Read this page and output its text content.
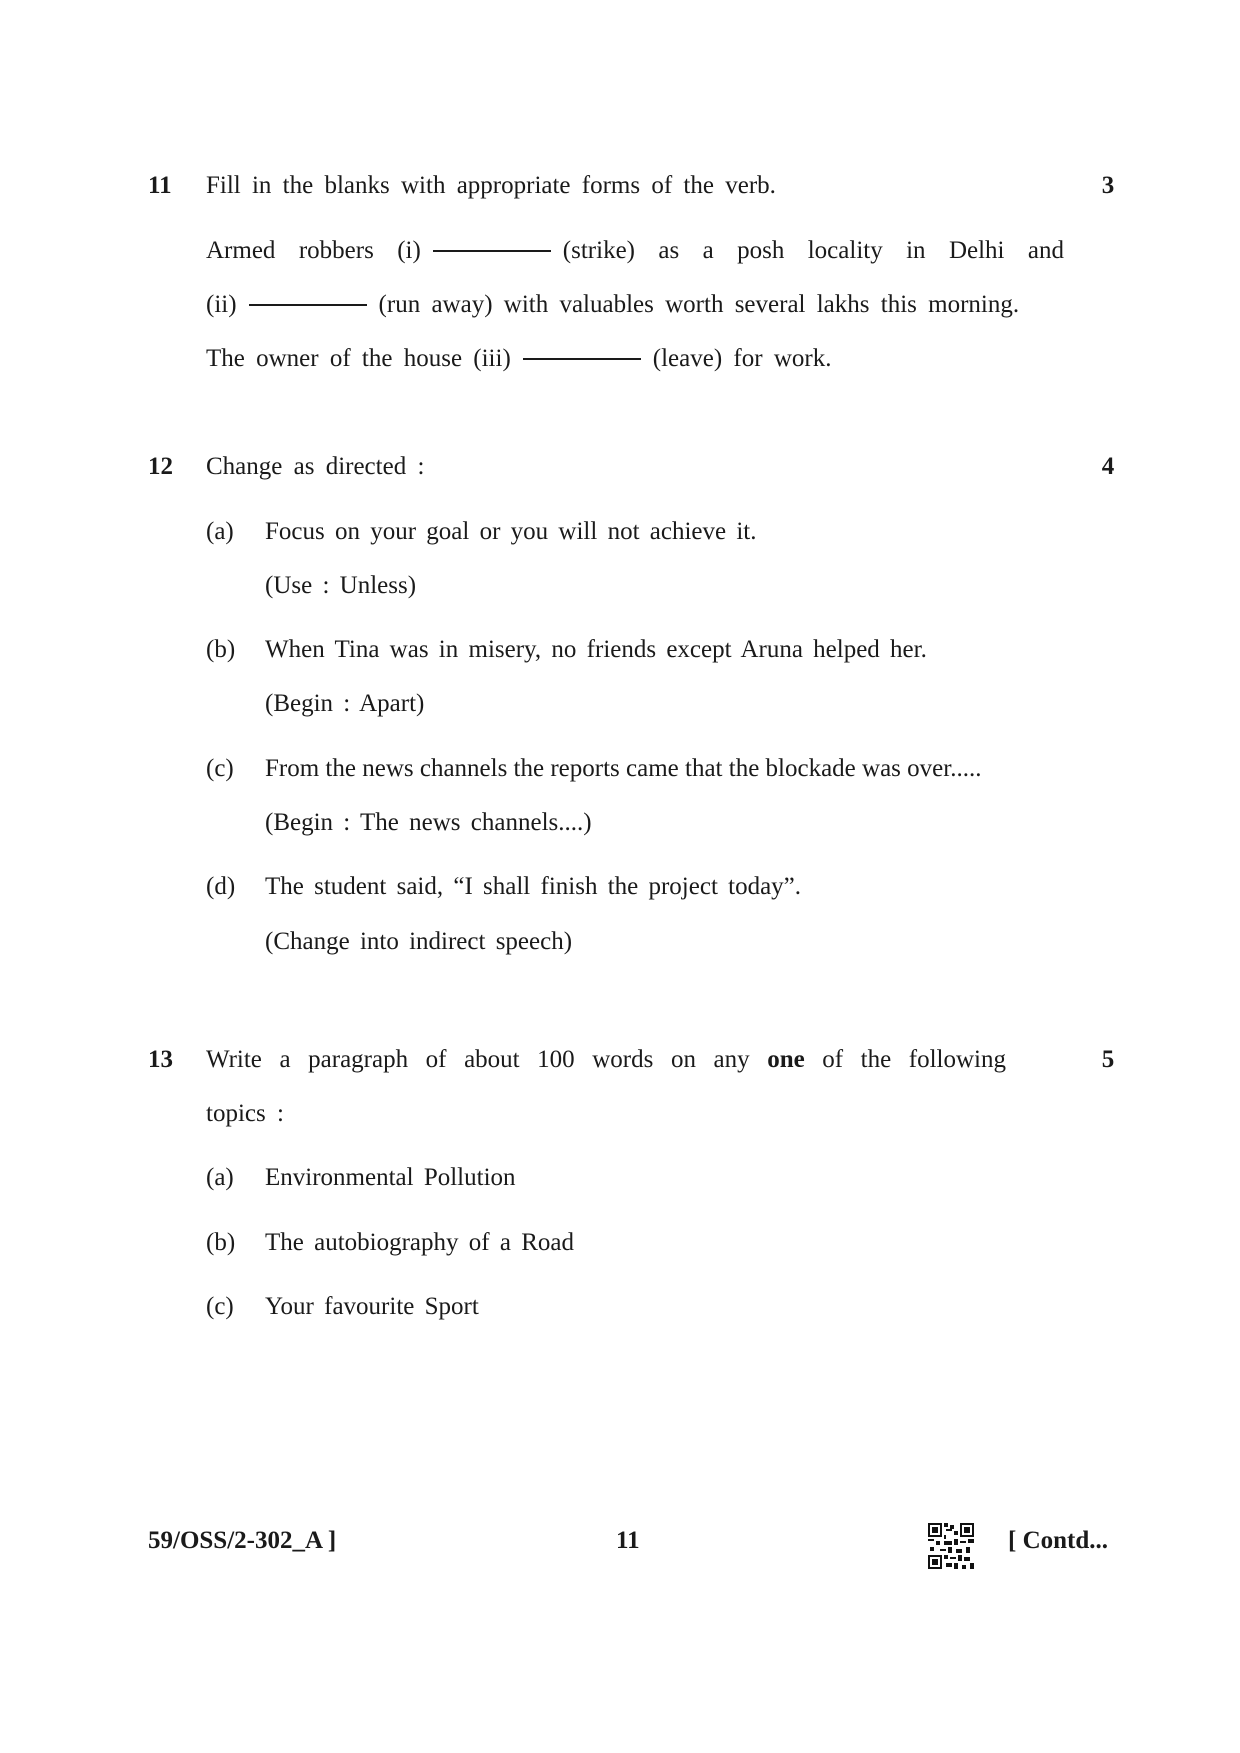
11 Fill in the blanks with appropriate forms of the verb.	3
Armed robbers (i)	(strike) as a posh locality in Delhi and
(ii)	(run away) with valuables worth several lakhs this morning.
The owner of the house (iii)	(leave) for work.
12 Change as directed :	4
(a) Focus on your goal or you will not achieve it.
(Use : Unless)
(b) When Tina was in misery, no friends except Aruna helped her.
(Begin : Apart)
(c) From the news channels the reports came that the blockade was over.....
(Begin : The news channels....)
(d) The student said, “I shall finish the project today”.
(Change into indirect speech)
13 Write a paragraph of about 100 words on any one of the following	5
topics :
(a) Environmental Pollution
(b) The autobiography of a Road
(c) Your favourite Sport
59/OSS/2-302_A ]	11	[ Contd...
